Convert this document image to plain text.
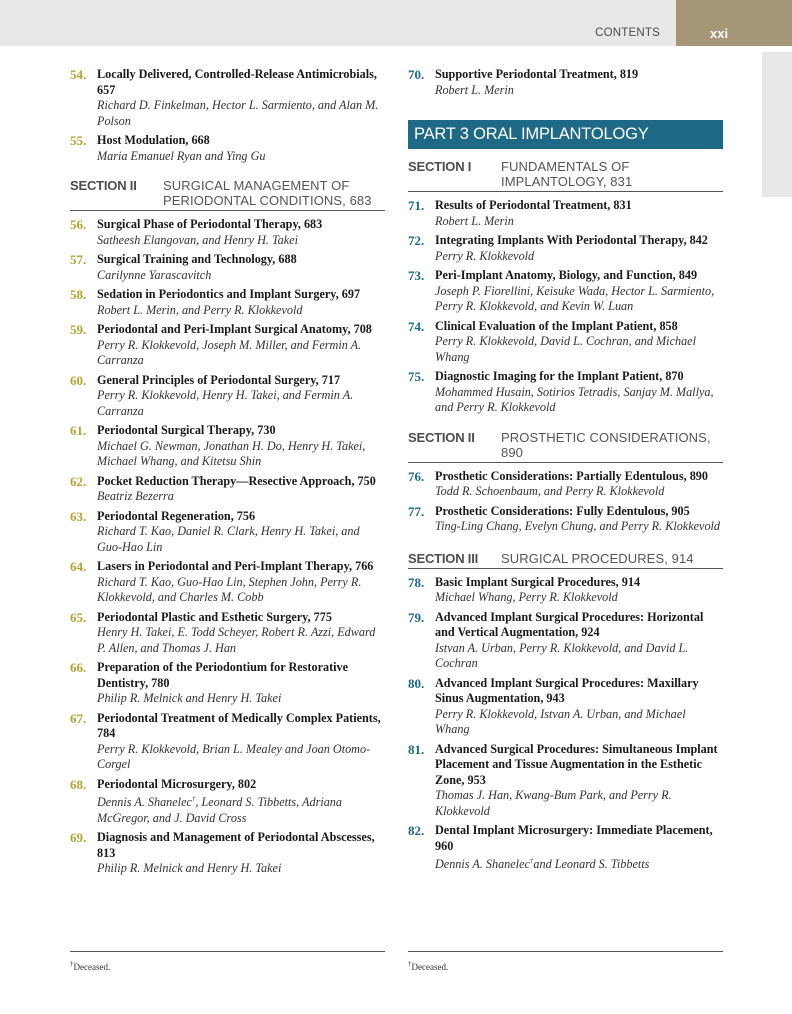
CONTENTS	xxi
54. Locally Delivered, Controlled-Release Antimicrobials, 657
Richard D. Finkelman, Hector L. Sarmiento, and Alan M. Polson
55. Host Modulation, 668
Maria Emanuel Ryan and Ying Gu
SECTION II	SURGICAL MANAGEMENT OF PERIODONTAL CONDITIONS, 683
56. Surgical Phase of Periodontal Therapy, 683
Satheesh Elangovan, and Henry H. Takei
57. Surgical Training and Technology, 688
Carilynne Yarascavitch
58. Sedation in Periodontics and Implant Surgery, 697
Robert L. Merin, and Perry R. Klokkevold
59. Periodontal and Peri-Implant Surgical Anatomy, 708
Perry R. Klokkevold, Joseph M. Miller, and Fermin A. Carranza
60. General Principles of Periodontal Surgery, 717
Perry R. Klokkevold, Henry H. Takei, and Fermin A. Carranza
61. Periodontal Surgical Therapy, 730
Michael G. Newman, Jonathan H. Do, Henry H. Takei, Michael Whang, and Kitetsu Shin
62. Pocket Reduction Therapy—Resective Approach, 750
Beatriz Bezerra
63. Periodontal Regeneration, 756
Richard T. Kao, Daniel R. Clark, Henry H. Takei, and Guo-Hao Lin
64. Lasers in Periodontal and Peri-Implant Therapy, 766
Richard T. Kao, Guo-Hao Lin, Stephen John, Perry R. Klokkevold, and Charles M. Cobb
65. Periodontal Plastic and Esthetic Surgery, 775
Henry H. Takei, E. Todd Scheyer, Robert R. Azzi, Edward P. Allen, and Thomas J. Han
66. Preparation of the Periodontium for Restorative Dentistry, 780
Philip R. Melnick and Henry H. Takei
67. Periodontal Treatment of Medically Complex Patients, 784
Perry R. Klokkevold, Brian L. Mealey and Joan Otomo-Corgel
68. Periodontal Microsurgery, 802
Dennis A. Shanelec†, Leonard S. Tibbetts, Adriana McGregor, and J. David Cross
69. Diagnosis and Management of Periodontal Abscesses, 813
Philip R. Melnick and Henry H. Takei
70. Supportive Periodontal Treatment, 819
Robert L. Merin
PART 3 ORAL IMPLANTOLOGY
SECTION I	FUNDAMENTALS OF IMPLANTOLOGY, 831
71. Results of Periodontal Treatment, 831
Robert L. Merin
72. Integrating Implants With Periodontal Therapy, 842
Perry R. Klokkevold
73. Peri-Implant Anatomy, Biology, and Function, 849
Joseph P. Fiorellini, Keisuke Wada, Hector L. Sarmiento, Perry R. Klokkevold, and Kevin W. Luan
74. Clinical Evaluation of the Implant Patient, 858
Perry R. Klokkevold, David L. Cochran, and Michael Whang
75. Diagnostic Imaging for the Implant Patient, 870
Mohammed Husain, Sotirios Tetradis, Sanjay M. Mallya, and Perry R. Klokkevold
SECTION II	PROSTHETIC CONSIDERATIONS, 890
76. Prosthetic Considerations: Partially Edentulous, 890
Todd R. Schoenbaum, and Perry R. Klokkevold
77. Prosthetic Considerations: Fully Edentulous, 905
Ting-Ling Chang, Evelyn Chung, and Perry R. Klokkevold
SECTION III	SURGICAL PROCEDURES, 914
78. Basic Implant Surgical Procedures, 914
Michael Whang, Perry R. Klokkevold
79. Advanced Implant Surgical Procedures: Horizontal and Vertical Augmentation, 924
Istvan A. Urban, Perry R. Klokkevold, and David L. Cochran
80. Advanced Implant Surgical Procedures: Maxillary Sinus Augmentation, 943
Perry R. Klokkevold, Istvan A. Urban, and Michael Whang
81. Advanced Surgical Procedures: Simultaneous Implant Placement and Tissue Augmentation in the Esthetic Zone, 953
Thomas J. Han, Kwang-Bum Park, and Perry R. Klokkevold
82. Dental Implant Microsurgery: Immediate Placement, 960
Dennis A. Shanelec†and Leonard S. Tibbetts
†Deceased.	†Deceased.
